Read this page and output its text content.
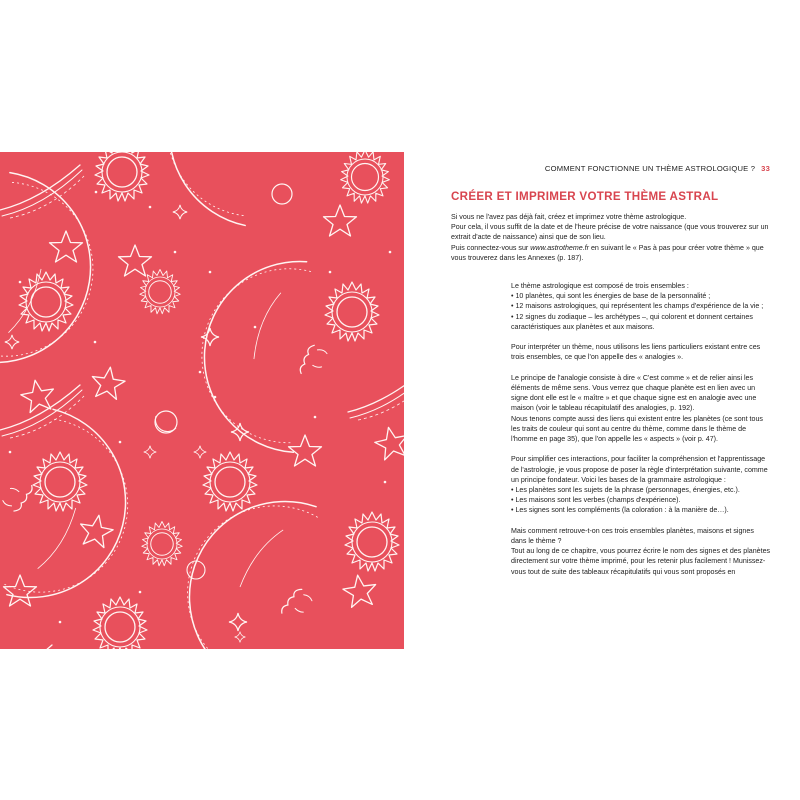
COMMENT FONCTIONNE UN THÈME ASTROLOGIQUE ? 33
CRÉER ET IMPRIMER VOTRE THÈME ASTRAL

Si vous ne l'avez pas déjà fait, créez et imprimez votre thème astrologique.

Pour cela, il vous suffit de la date et de l'heure précise de votre naissance (que vous trouverez sur un extrait d'acte de naissance) ainsi que de son lieu.

Puis connectez-vous sur www.astrotheme.fr en suivant le « Pas à pas pour créer votre thème » que vous trouverez dans les Annexes (p. 187).

Le thème astrologique est composé de trois ensembles :

• 10 planètes, qui sont les énergies de base de la personnalité ;
• 12 maisons astrologiques, qui représentent les champs d'expérience de la vie ;
• 12 signes du zodiaque – les archétypes –, qui colorent et donnent certaines caractéristiques aux planètes et aux maisons.

Pour interpréter un thème, nous utilisons les liens particuliers existant entre ces trois ensembles, ce que l'on appelle des « analogies ».

Le principe de l'analogie consiste à dire « C'est comme » et de relier ainsi les éléments de même sens. Vous verrez que chaque planète est en lien avec un signe dont elle est le « maître » et que chaque signe est en analogie avec une maison (voir le tableau récapitulatif des analogies, p. 192).

Nous tenons compte aussi des liens qui existent entre les planètes (ce sont tous les traits de couleur qui sont au centre du thème, comme dans le thème de l'homme en page 35), que l'on appelle les « aspects » (voir p. 47).

Pour simplifier ces interactions, pour faciliter la compréhension et l'apprentissage de l'astrologie, je vous propose de poser la règle d'interprétation suivante, comme un principe fondateur. Voici les bases de la grammaire astrologique :

• Les planètes sont les sujets de la phrase (personnages, énergies, etc.).
• Les maisons sont les verbes (champs d'expérience).
• Les signes sont les compléments (la coloration : à la manière de…).

Mais comment retrouve-t-on ces trois ensembles planètes, maisons et signes dans le thème ?

Tout au long de ce chapitre, vous pourrez écrire le nom des signes et des planètes directement sur votre thème imprimé, pour les retenir plus facilement ! Munissez-vous tout de suite des tableaux récapitulatifs qui vous sont proposés en
